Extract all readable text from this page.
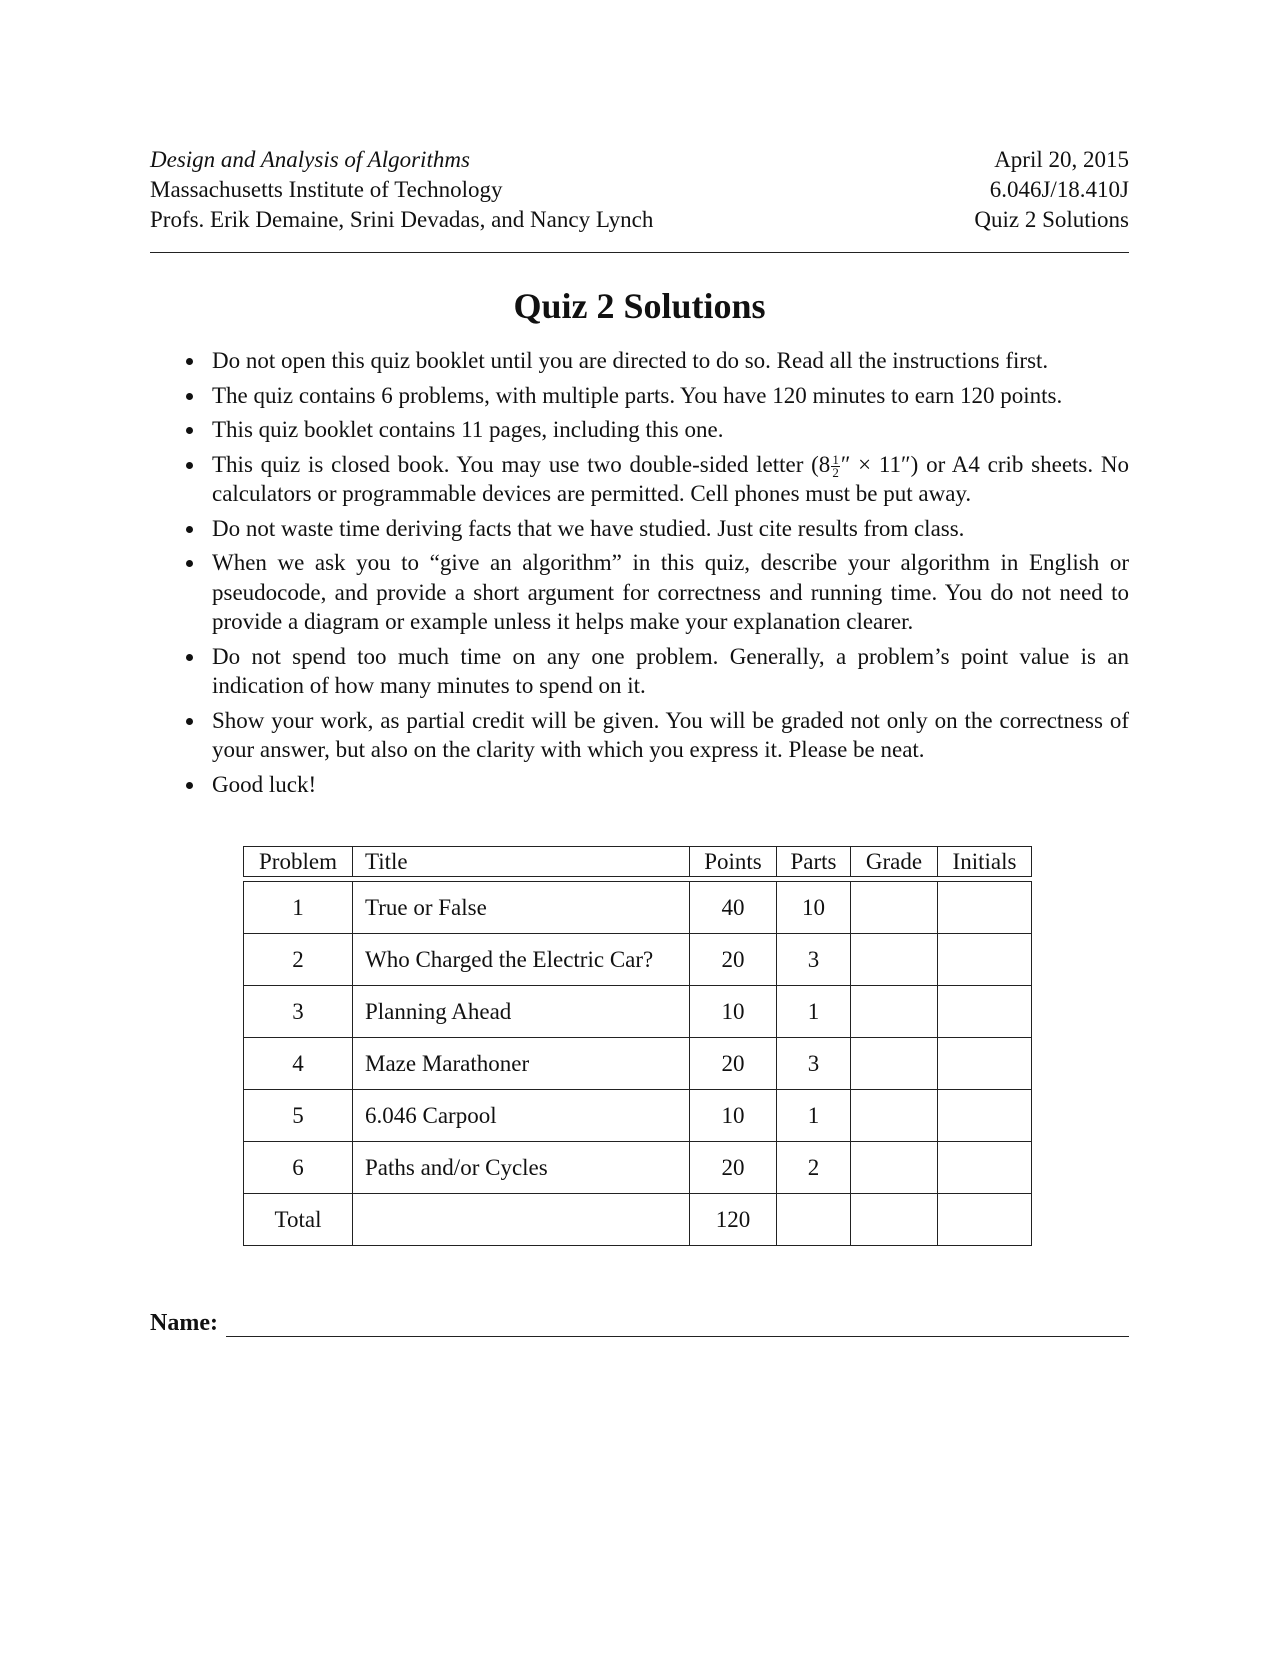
Design and Analysis of Algorithms	April 20, 2015
Massachusetts Institute of Technology	6.046J/18.410J
Profs. Erik Demaine, Srini Devadas, and Nancy Lynch	Quiz 2 Solutions
Quiz 2 Solutions
Do not open this quiz booklet until you are directed to do so. Read all the instructions first.
The quiz contains 6 problems, with multiple parts. You have 120 minutes to earn 120 points.
This quiz booklet contains 11 pages, including this one.
This quiz is closed book. You may use two double-sided letter ($8 \frac{1}{2}$ ″ × 11″) or A4 crib sheets. No calculators or programmable devices are permitted. Cell phones must be put away.
Do not waste time deriving facts that we have studied. Just cite results from class.
When we ask you to “give an algorithm” in this quiz, describe your algorithm in English or pseudocode, and provide a short argument for correctness and running time. You do not need to provide a diagram or example unless it helps make your explanation clearer.
Do not spend too much time on any one problem. Generally, a problem’s point value is an indication of how many minutes to spend on it.
Show your work, as partial credit will be given. You will be graded not only on the correctness of your answer, but also on the clarity with which you express it. Please be neat.
Good luck!
Problem	Title	Points	Parts	Grade	Initials

1	True or False	40	10		
2	Who Charged the Electric Car?	20	3		
3	Planning Ahead	10	1		
4	Maze Marathoner	20	3		
5	6.046 Carpool	10	1		
6	Paths and/or Cycles	20	2		
Total		120			
Name:
